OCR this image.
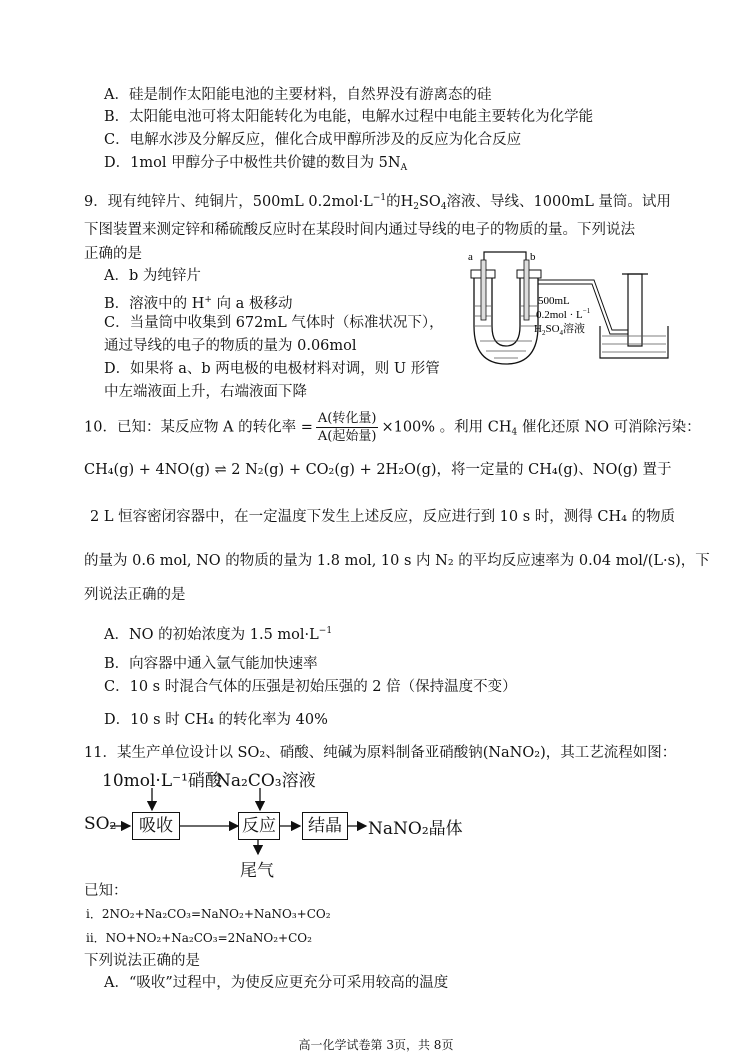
A．硅是制作太阳能电池的主要材料，自然界没有游离态的硅
B．太阳能电池可将太阳能转化为电能，电解水过程中电能主要转化为化学能
C．电解水涉及分解反应，催化合成甲醇所涉及的反应为化合反应
D．1mol 甲醇分子中极性共价键的数目为 $5N_A$
9．现有纯锌片、纯铜片，500mL $0.2mol\cdot L^{-1}$的$H_2SO_4$溶液、导线、1000mL 量筒。试用
下图装置来测定锌和稀硫酸反应时在某段时间内通过导线的电子的物质的量。下列说法
正确的是
A．b 为纯锌片
B．溶液中的 H+ 向 a 极移动
C．当量筒中收集到 672mL 气体时（标准状况下），
通过导线的电子的物质的量为 0.06mol
D．如果将 a、b 两电极的电极材料对调，则 U 形管
中左端液面上升，右端液面下降
a	b
500mL
$0.2mol \cdot L^{-1}$
$H_2SO_4$溶液
10．已知：某反应物 A 的转化率 = $\frac{\text{A(转化量)}}{\text{A(起始量)}} \times 100\%$ 。利用 $CH_4$ 催化还原 NO 可消除污染：
CH₄(g) + 4NO(g) ⇌ 2 N₂(g) + CO₂(g) + 2H₂O(g)，将一定量的 CH₄(g)、NO(g) 置于
2 L 恒容密闭容器中，在一定温度下发生上述反应，反应进行到 10 s 时，测得 CH₄ 的物质
的量为 0.6 mol, NO 的物质的量为 1.8 mol, 10 s 内 N₂ 的平均反应速率为 0.04 mol/(L·s)，下
列说法正确的是
A．NO 的初始浓度为 1.5 $mol\cdot L^{-1}$
B．向容器中通入氩气能加快速率
C．10 s 时混合气体的压强是初始压强的 2 倍（保持温度不变）
D．10 s 时 CH₄ 的转化率为 40%
11．某生产单位设计以 SO₂、硝酸、纯碱为原料制备亚硝酸钠(NaNO₂)，其工艺流程如图：
10mol·L⁻¹硝酸
Na₂CO₃溶液
SO₂	吸收	反应	结晶	NaNO₂晶体
尾气
已知：
i．2NO₂+Na₂CO₃=NaNO₂+NaNO₃+CO₂
ii．NO+NO₂+Na₂CO₃=2NaNO₂+CO₂
下列说法正确的是
A．“吸收”过程中，为使反应更充分可采用较高的温度
高一化学试卷第 3页，共 8页
